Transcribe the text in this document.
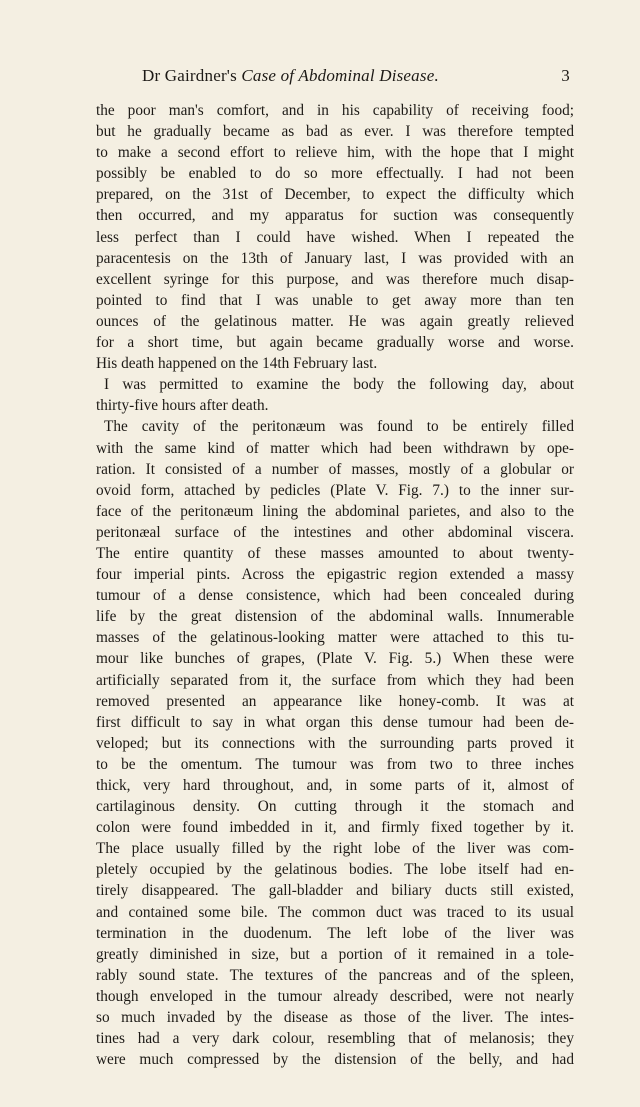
Dr Gairdner's Case of Abdominal Disease.	3
the poor man's comfort, and in his capability of receiving food;
but he gradually became as bad as ever. I was therefore tempted
to make a second effort to relieve him, with the hope that I might
possibly be enabled to do so more effectually. I had not been
prepared, on the 31st of December, to expect the difficulty which
then occurred, and my apparatus for suction was consequently
less perfect than I could have wished. When I repeated the
paracentesis on the 13th of January last, I was provided with an
excellent syringe for this purpose, and was therefore much disap-
pointed to find that I was unable to get away more than ten
ounces of the gelatinous matter. He was again greatly relieved
for a short time, but again became gradually worse and worse.
His death happened on the 14th February last.
I was permitted to examine the body the following day, about
thirty-five hours after death.
The cavity of the peritonæum was found to be entirely filled
with the same kind of matter which had been withdrawn by ope-
ration. It consisted of a number of masses, mostly of a globular or
ovoid form, attached by pedicles (Plate V. Fig. 7.) to the inner sur-
face of the peritonæum lining the abdominal parietes, and also to the
peritonæal surface of the intestines and other abdominal viscera.
The entire quantity of these masses amounted to about twenty-
four imperial pints. Across the epigastric region extended a massy
tumour of a dense consistence, which had been concealed during
life by the great distension of the abdominal walls. Innumerable
masses of the gelatinous-looking matter were attached to this tu-
mour like bunches of grapes, (Plate V. Fig. 5.) When these were
artificially separated from it, the surface from which they had been
removed presented an appearance like honey-comb. It was at
first difficult to say in what organ this dense tumour had been de-
veloped; but its connections with the surrounding parts proved it
to be the omentum. The tumour was from two to three inches
thick, very hard throughout, and, in some parts of it, almost of
cartilaginous density. On cutting through it the stomach and
colon were found imbedded in it, and firmly fixed together by it.
The place usually filled by the right lobe of the liver was com-
pletely occupied by the gelatinous bodies. The lobe itself had en-
tirely disappeared. The gall-bladder and biliary ducts still existed,
and contained some bile. The common duct was traced to its usual
termination in the duodenum. The left lobe of the liver was
greatly diminished in size, but a portion of it remained in a tole-
rably sound state. The textures of the pancreas and of the spleen,
though enveloped in the tumour already described, were not nearly
so much invaded by the disease as those of the liver. The intes-
tines had a very dark colour, resembling that of melanosis; they
were much compressed by the distension of the belly, and had
